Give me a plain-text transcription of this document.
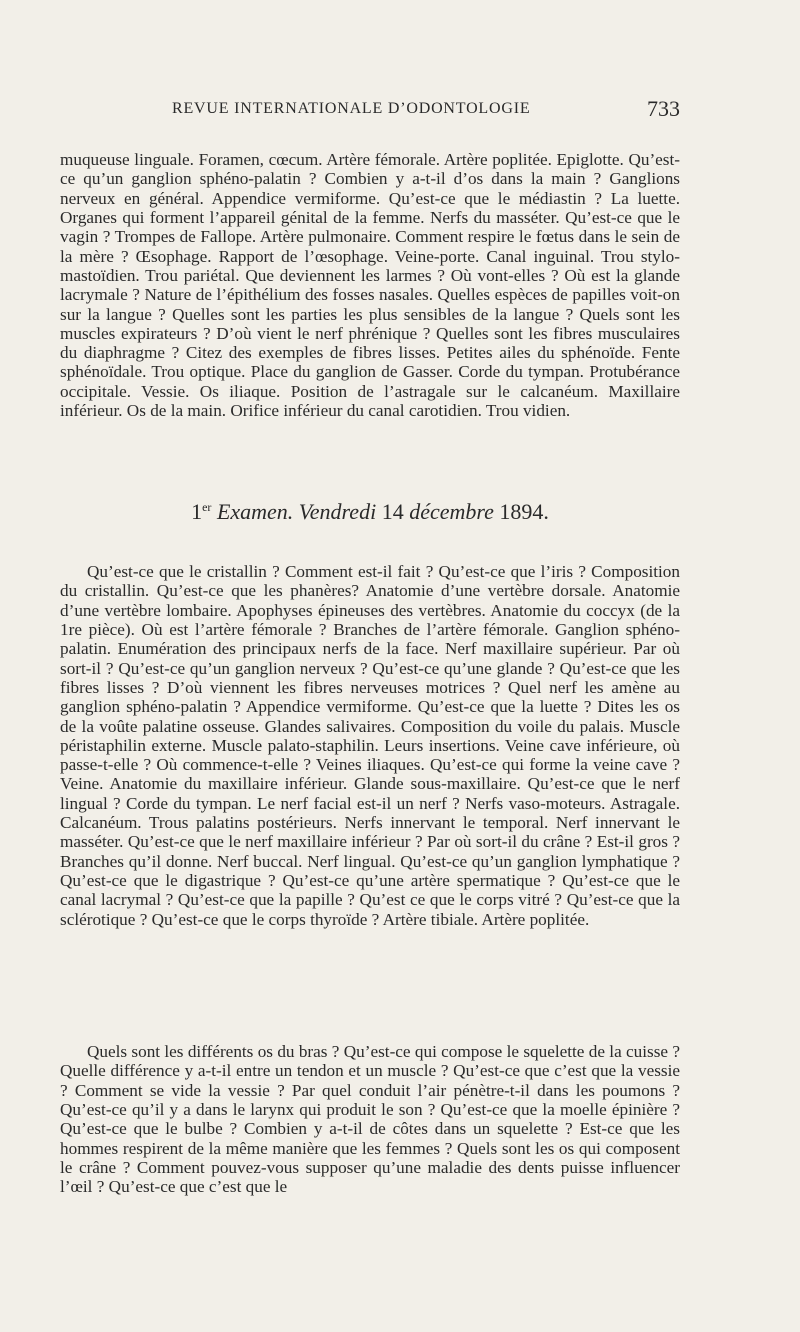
REVUE INTERNATIONALE D’ODONTOLOGIE	733

muqueuse linguale. Foramen, cœcum. Artère fémorale. Artère poplitée. Epiglotte. Qu’est-ce qu’un ganglion sphéno-palatin ? Combien y a-t-il d’os dans la main ? Ganglions nerveux en général. Appendice vermiforme. Qu’est-ce que le médiastin ? La luette. Organes qui forment l’appareil génital de la femme. Nerfs du masséter. Qu’est-ce que le vagin ? Trompes de Fallope. Artère pulmonaire. Comment respire le fœtus dans le sein de la mère ? Œsophage. Rapport de l’œsophage. Veine-porte. Canal inguinal. Trou stylo-mastoïdien. Trou pariétal. Que deviennent les larmes ? Où vont-elles ? Où est la glande lacrymale ? Nature de l’épithélium des fosses nasales. Quelles espèces de papilles voit-on sur la langue ? Quelles sont les parties les plus sensibles de la langue ? Quels sont les muscles expirateurs ? D’où vient le nerf phrénique ? Quelles sont les fibres musculaires du diaphragme ? Citez des exemples de fibres lisses. Petites ailes du sphénoïde. Fente sphénoïdale. Trou optique. Place du ganglion de Gasser. Corde du tympan. Protubérance occipitale. Vessie. Os iliaque. Position de l’astragale sur le calcanéum. Maxillaire inférieur. Os de la main. Orifice inférieur du canal carotidien. Trou vidien.

1er Examen. Vendredi 14 décembre 1894.

Qu’est-ce que le cristallin ? Comment est-il fait ? Qu’est-ce que l’iris ? Composition du cristallin. Qu’est-ce que les phanères? Anatomie d’une vertèbre dorsale. Anatomie d’une vertèbre lombaire. Apophyses épineuses des vertèbres. Anatomie du coccyx (de la 1re pièce). Où est l’artère fémorale ? Branches de l’artère fémorale. Ganglion sphéno-palatin. Enumération des principaux nerfs de la face. Nerf maxillaire supérieur. Par où sort-il ? Qu’est-ce qu’un ganglion nerveux ? Qu’est-ce qu’une glande ? Qu’est-ce que les fibres lisses ? D’où viennent les fibres nerveuses motrices ? Quel nerf les amène au ganglion sphéno-palatin ? Appendice vermiforme. Qu’est-ce que la luette ? Dites les os de la voûte palatine osseuse. Glandes salivaires. Composition du voile du palais. Muscle péristaphilin externe. Muscle palato-staphilin. Leurs insertions. Veine cave inférieure, où passe-t-elle ? Où commence-t-elle ? Veines iliaques. Qu’est-ce qui forme la veine cave ? Veine. Anatomie du maxillaire inférieur. Glande sous-maxillaire. Qu’est-ce que le nerf lingual ? Corde du tympan. Le nerf facial est-il un nerf ? Nerfs vaso-moteurs. Astragale. Calcanéum. Trous palatins postérieurs. Nerfs innervant le temporal. Nerf innervant le masséter. Qu’est-ce que le nerf maxillaire inférieur ? Par où sort-il du crâne ? Est-il gros ? Branches qu’il donne. Nerf buccal. Nerf lingual. Qu’est-ce qu’un ganglion lymphatique ? Qu’est-ce que le digastrique ? Qu’est-ce qu’une artère spermatique ? Qu’est-ce que le canal lacrymal ? Qu’est-ce que la papille ? Qu’est ce que le corps vitré ? Qu’est-ce que la sclérotique ? Qu’est-ce que le corps thyroïde ? Artère tibiale. Artère poplitée.

Quels sont les différents os du bras ? Qu’est-ce qui compose le squelette de la cuisse ? Quelle différence y a-t-il entre un tendon et un muscle ? Qu’est-ce que c’est que la vessie ? Comment se vide la vessie ? Par quel conduit l’air pénètre-t-il dans les poumons ? Qu’est-ce qu’il y a dans le larynx qui produit le son ? Qu’est-ce que la moelle épinière ? Qu’est-ce que le bulbe ? Combien y a-t-il de côtes dans un squelette ? Est-ce que les hommes respirent de la même manière que les femmes ? Quels sont les os qui composent le crâne ? Comment pouvez-vous supposer qu’une maladie des dents puisse influencer l’œil ? Qu’est-ce que c’est que le
